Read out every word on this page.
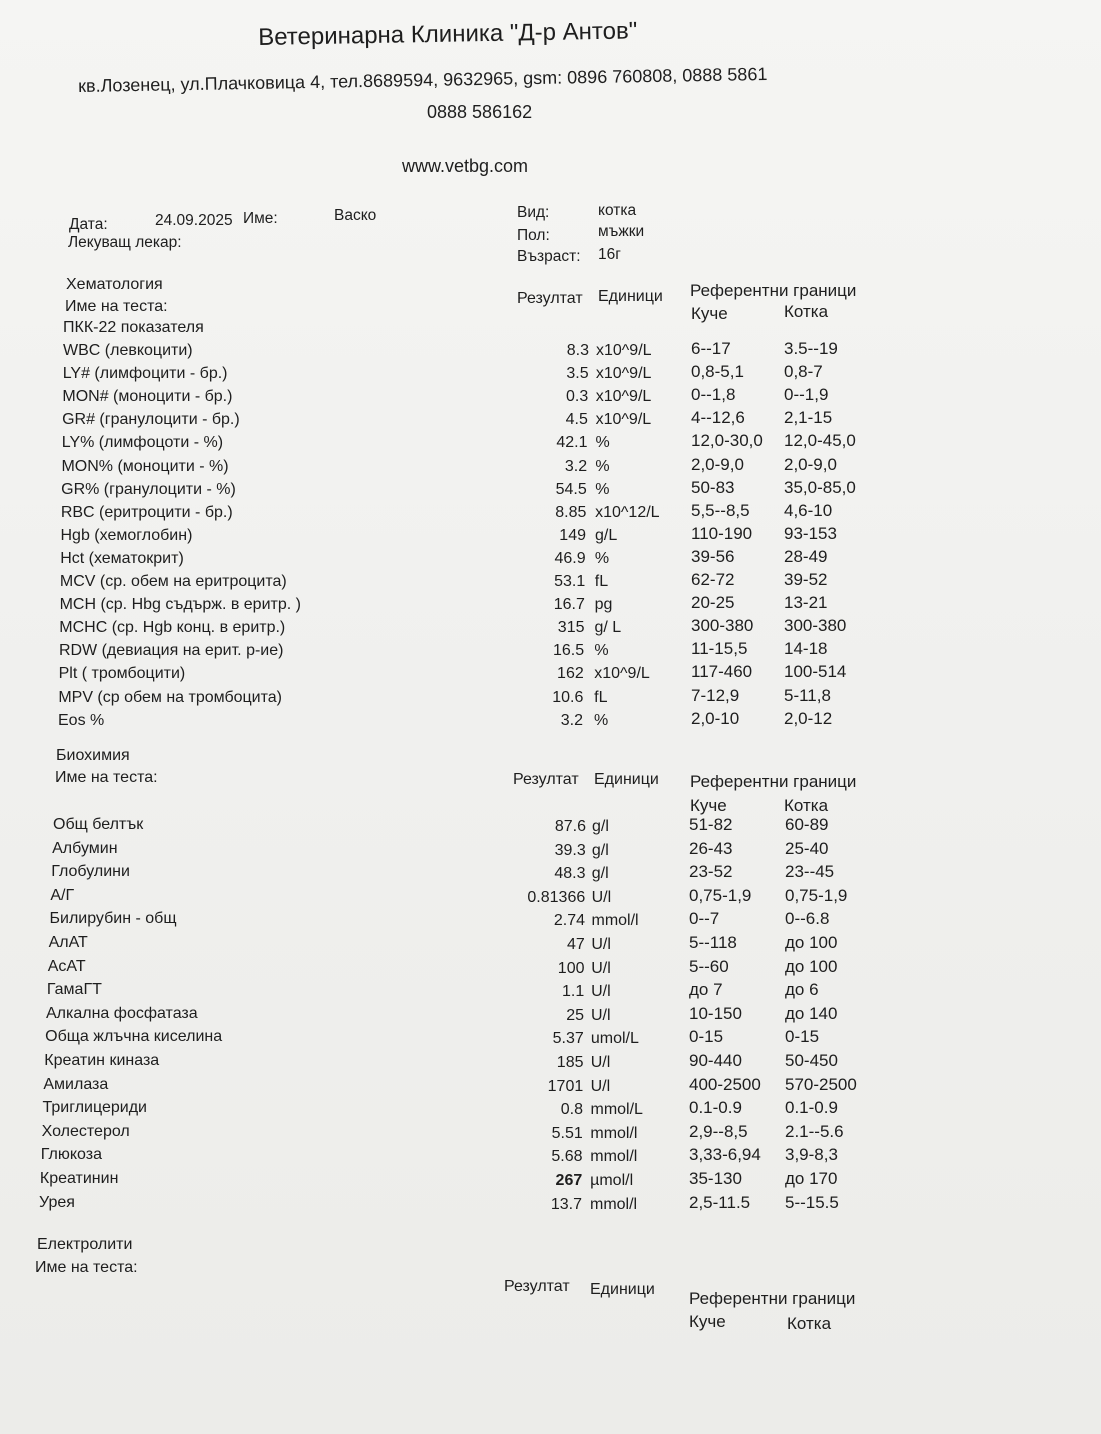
Ветеринарна Клиника "Д-р Антов"
кв.Лозенец, ул.Плачковица 4, тел.8689594, 9632965, gsm: 0896 760808, 0888 5861
0888 586162
www.vetbg.com
Дата:	24.09.2025 Име:	Васко
Лекуващ лекар:
Вид:	котка
Пол:	мъжки
Възраст: 16г
Хематология
Име на теста:
ПКК-22 показателя
Резултат Единици Референтни граници
Куче	Котка
WBC (левкоцити)	8.3 x10^9/L 6--17	3.5--19
LY# (лимфоцити - бр.)	3.5 x10^9/L 0,8-5,1 0,8-7
MON# (моноцити - бр.)	0.3 x10^9/L 0--1,8	0--1,9
GR# (гранулоцити - бр.)	4.5 x10^9/L 4--12,6 2,1-15
LY% (лимфоцоти - %)	42.1 %	12,0-30,0 12,0-45,0
MON% (моноцити - %)	3.2 %	2,0-9,0 2,0-9,0
GR% (гранулоцити - %)	54.5 %	50-83	35,0-85,0
RBC (еритроцити - бр.)	8.85 x10^12/L 5,5--8,5 4,6-10
Hgb (хемоглобин)	149 g/L	110-190 93-153
Hct (хематокрит)	46.9 %	39-56	28-49
MCV (ср. обем на еритроцита)	53.1 fL	62-72	39-52
MCH (ср. Hbg съдърж. в еритр. )	16.7 pg	20-25	13-21
MCHC (ср. Hgb конц. в еритр.)	315 g/ L	300-380 300-380
RDW (девиация на ерит. р-ие)	16.5 %	11-15,5 14-18
Plt ( тромбоцити)	162 x10^9/L 117-460 100-514
MPV (ср обем на тромбоцита)	10.6 fL	7-12,9	5-11,8
Eos %	3.2 %	2,0-10	2,0-12
Биохимия
Име на теста:	Резултат Единици Референтни граници
Куче	Котка
Общ белтък	87.6 g/l	51-82	60-89
Албумин	39.3 g/l	26-43	25-40
Глобулини	48.3 g/l	23-52	23--45
А/Г	0.81366 U/l	0,75-1,9 0,75-1,9
Билирубин - общ	2.74 mmol/l	0--7	0--6.8
АлАТ	47 U/l	5--118	до 100
АсАТ	100 U/l	5--60	до 100
ГамаГТ	1.1 U/l	до 7	до 6
Алкална фосфатаза	25 U/l	10-150	до 140
Обща жлъчна киселина	5.37 umol/L	0-15	0-15
Креатин киназа	185 U/l	90-440	50-450
Амилаза	1701 U/l	400-2500 570-2500
Триглицериди	0.8 mmol/L	0.1-0.9	0.1-0.9
Холестерол	5.51 mmol/l	2,9--8,5 2.1--5.6
Глюкоза	5.68 mmol/l	3,33-6,94 3,9-8,3
Креатинин	267 µmol/l	35-130	до 170
Урея	13.7 mmol/l	2,5-11.5 5--15.5
Електролити
Име на теста:
Резултат Единици Референтни граници
Куче	Котка
